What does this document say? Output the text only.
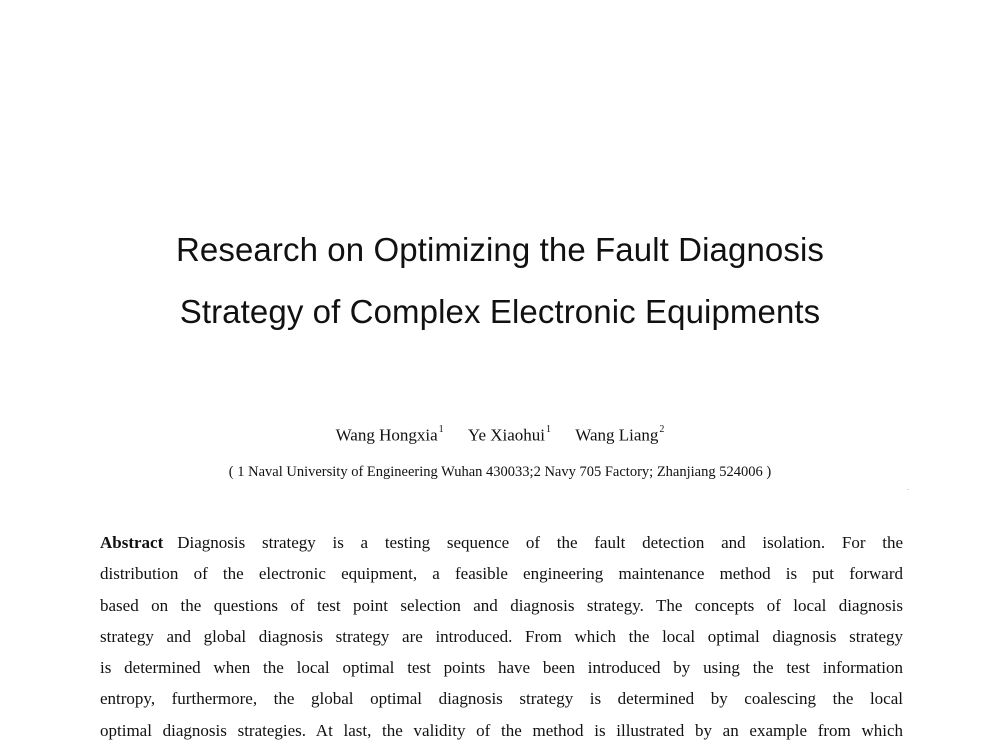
Research on Optimizing the Fault Diagnosis
Strategy of Complex Electronic Equipments
Wang Hongxia$^1$ Ye Xiaohui$^1$ Wang Liang$^2$
( 1 Naval University of Engineering Wuhan 430033;2 Navy 705 Factory; Zhanjiang 524006 )
Abstract Diagnosis strategy is a testing sequence of the fault detection and isolation. For the
distribution of the electronic equipment, a feasible engineering maintenance method is put forward
based on the questions of test point selection and diagnosis strategy. The concepts of local diagnosis
strategy and global diagnosis strategy are introduced. From which the local optimal diagnosis strategy
is determined when the local optimal test points have been introduced by using the test information
entropy, furthermore, the global optimal diagnosis strategy is determined by coalescing the local
optimal diagnosis strategies. At last, the validity of the method is illustrated by an example from which
